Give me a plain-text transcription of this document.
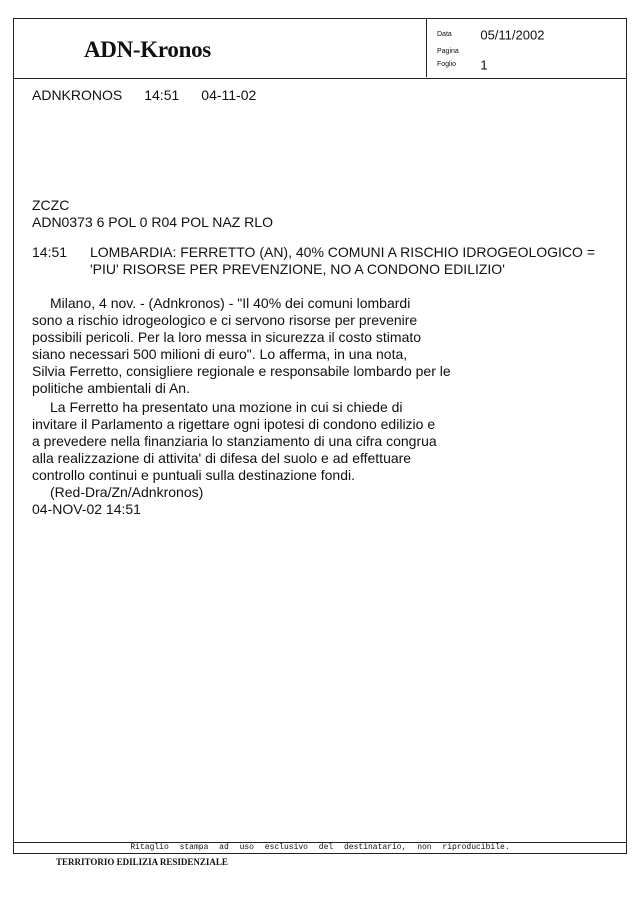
ADN-Kronos
Data 05/11/2002
Pagina
Foglio 1
ADNKRONOS 14:51 04-11-02
ZCZC
ADN0373 6 POL 0 R04 POL NAZ RLO
14:51 LOMBARDIA: FERRETTO (AN), 40% COMUNI A RISCHIO IDROGEOLOGICO =
'PIU' RISORSE PER PREVENZIONE, NO A CONDONO EDILIZIO'
Milano, 4 nov. - (Adnkronos) - "Il 40% dei comuni lombardi
sono a rischio idrogeologico e ci servono risorse per prevenire
possibili pericoli. Per la loro messa in sicurezza il costo stimato
siano necessari 500 milioni di euro". Lo afferma, in una nota,
Silvia Ferretto, consigliere regionale e responsabile lombardo per le
politiche ambientali di An.
La Ferretto ha presentato una mozione in cui si chiede di
invitare il Parlamento a rigettare ogni ipotesi di condono edilizio e
a prevedere nella finanziaria lo stanziamento di una cifra congrua
alla realizzazione di attivita' di difesa del suolo e ad effettuare
controllo continui e puntuali sulla destinazione fondi.
(Red-Dra/Zn/Adnkronos)
04-NOV-02 14:51
Ritaglio stampa ad uso esclusivo del destinatario, non riproducibile.
TERRITORIO EDILIZIA RESIDENZIALE
